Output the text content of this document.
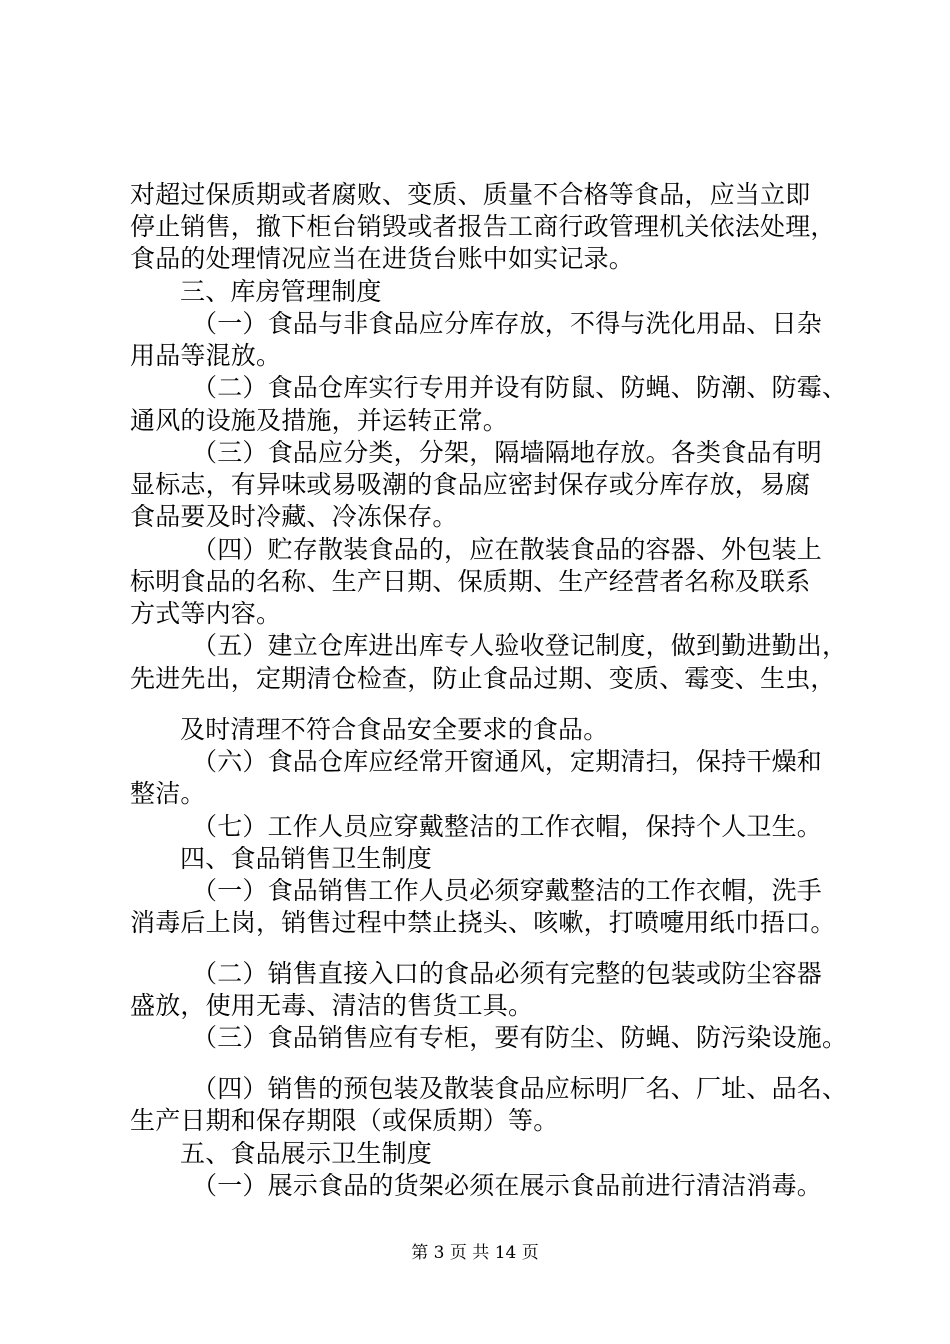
对超过保质期或者腐败、变质、质量不合格等食品，应当立即
停止销售，撤下柜台销毁或者报告工商行政管理机关依法处理，
食品的处理情况应当在进货台账中如实记录。
三、库房管理制度
（一）食品与非食品应分库存放，不得与洗化用品、日杂
用品等混放。
（二）食品仓库实行专用并设有防鼠、防蝇、防潮、防霉、
通风的设施及措施，并运转正常。
（三）食品应分类，分架，隔墙隔地存放。各类食品有明
显标志，有异味或易吸潮的食品应密封保存或分库存放，易腐
食品要及时冷藏、冷冻保存。
（四）贮存散装食品的，应在散装食品的容器、外包装上
标明食品的名称、生产日期、保质期、生产经营者名称及联系
方式等内容。
（五）建立仓库进出库专人验收登记制度，做到勤进勤出，
先进先出，定期清仓检查，防止食品过期、变质、霉变、生虫，
及时清理不符合食品安全要求的食品。
（六）食品仓库应经常开窗通风，定期清扫，保持干燥和
整洁。
（七）工作人员应穿戴整洁的工作衣帽，保持个人卫生。
四、食品销售卫生制度
（一）食品销售工作人员必须穿戴整洁的工作衣帽，洗手
消毒后上岗，销售过程中禁止挠头、咳嗽，打喷嚏用纸巾捂口。
（二）销售直接入口的食品必须有完整的包装或防尘容器
盛放，使用无毒、清洁的售货工具。
（三）食品销售应有专柜，要有防尘、防蝇、防污染设施。
（四）销售的预包装及散装食品应标明厂名、厂址、品名、
生产日期和保存期限（或保质期）等。
五、食品展示卫生制度
（一）展示食品的货架必须在展示食品前进行清洁消毒。
第 3 页 共 14 页
